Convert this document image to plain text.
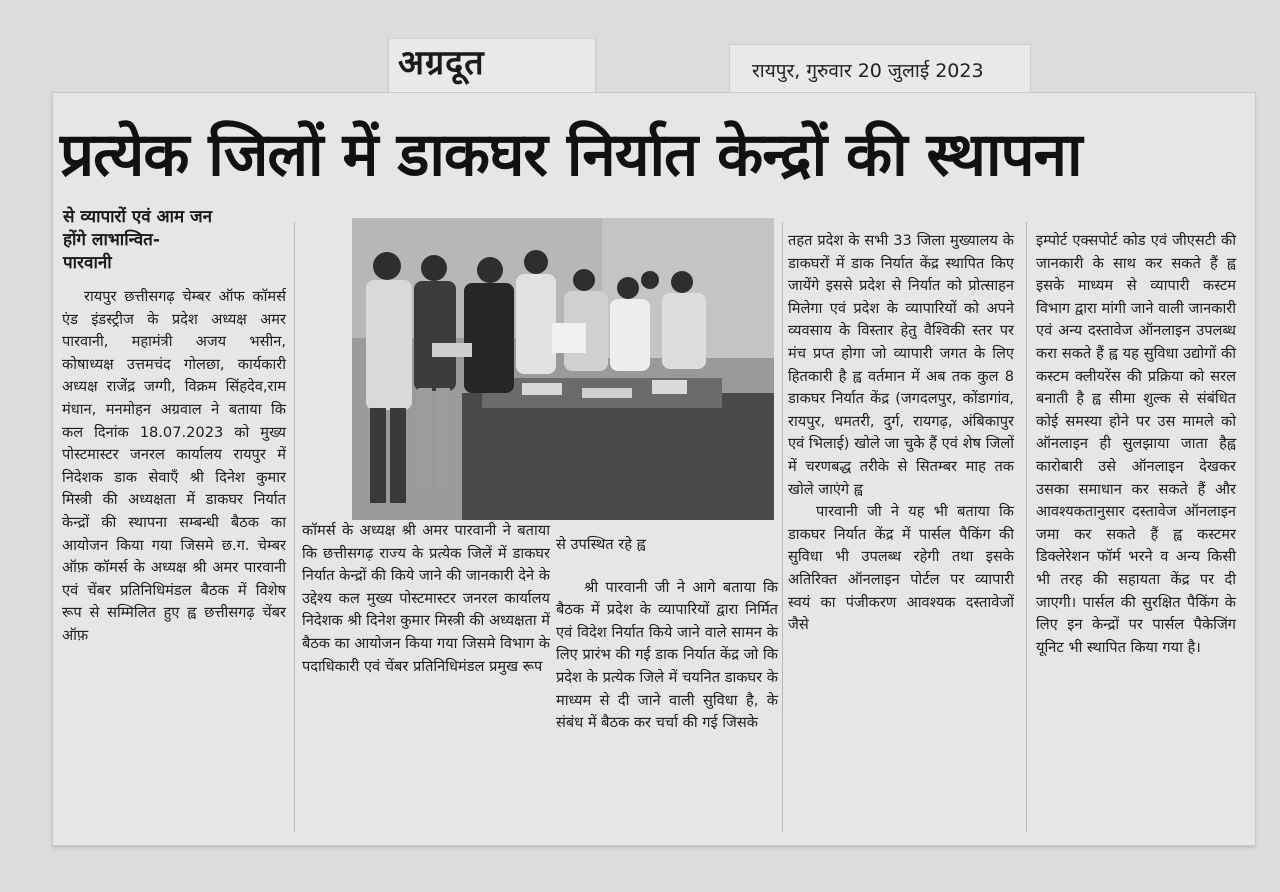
अग्रदूत	रायपुर, गुरुवार 20 जुलाई 2023
प्रत्येक जिलों में डाकघर निर्यात केन्द्रों की स्थापना
से व्यापारों एवं आम जन
होंगे लाभान्वित-
पारवानी

रायपुर छत्तीसगढ़ चेम्बर ऑफ कॉमर्स एंड इंडस्ट्रीज के प्रदेश अध्यक्ष अमर पारवानी, महामंत्री अजय भसीन, कोषाध्यक्ष उत्तमचंद गोलछा, कार्यकारी अध्यक्ष राजेंद्र जग्गी, विक्रम सिंहदेव,राम मंधान, मनमोहन अग्रवाल ने बताया कि कल दिनांक 18.07.2023 को मुख्य पोस्टमास्टर जनरल कार्यालय रायपुर में निदेशक डाक सेवाएँ श्री दिनेश कुमार मिस्त्री की अध्यक्षता में डाकघर निर्यात केन्द्रों की स्थापना सम्बन्धी बैठक का आयोजन किया गया जिसमे छ.ग. चेम्बर ऑफ़ कॉमर्स के अध्यक्ष श्री अमर पारवानी एवं चेंबर प्रतिनिधिमंडल बैठक में विशेष रूप से सम्मिलित हुए ह्व छत्तीसगढ़ चेंबर ऑफ़

कॉमर्स के अध्यक्ष श्री अमर पारवानी ने बताया कि छत्तीसगढ़ राज्य के प्रत्येक जिलें में डाकघर निर्यात केन्द्रों की किये जाने की जानकारी देने के उद्देश्य कल मुख्य पोस्टमास्टर जनरल कार्यालय निदेशक श्री दिनेश कुमार मिस्त्री की अध्यक्षता में बैठक का आयोजन किया गया जिसमे विभाग के पदाधिकारी एवं चेंबर प्रतिनिधिमंडल प्रमुख रूप

से उपस्थित रहे ह्व

श्री पारवानी जी ने आगे बताया कि बैठक में प्रदेश के व्यापारियों द्वारा निर्मित एवं विदेश निर्यात किये जाने वाले सामन के लिए प्रारंभ की गई डाक निर्यात केंद्र जो कि प्रदेश के प्रत्येक जिले में चयनित डाकघर के माध्यम से दी जाने वाली सुविधा है, के संबंध में बैठक कर चर्चा की गई जिसके

तहत प्रदेश के सभी 33 जिला मुख्यालय के डाकघरों में डाक निर्यात केंद्र स्थापित किए जायेंगे इससे प्रदेश से निर्यात को प्रोत्साहन मिलेगा एवं प्रदेश के व्यापारियों को अपने व्यवसाय के विस्तार हेतु वैश्विकी स्तर पर मंच प्रप्त होगा जो व्यापारी जगत के लिए हितकारी है ह्व वर्तमान में अब तक कुल 8 डाकघर निर्यात केंद्र (जगदलपुर, कोंडागांव, रायपुर, धमतरी, दुर्ग, रायगढ़, अंबिकापुर एवं भिलाई) खोले जा चुके हैं एवं शेष जिलों में चरणबद्ध तरीके से सितम्बर माह तक खोले जाएंगे ह्व

पारवानी जी ने यह भी बताया कि डाकघर निर्यात केंद्र में पार्सल पैकिंग की सुविधा भी उपलब्ध रहेगी तथा इसके अतिरिक्त ऑनलाइन पोर्टल पर व्यापारी स्वयं का पंजीकरण आवश्यक दस्तावेजों जैसे

इम्पोर्ट एक्सपोर्ट कोड एवं जीएसटी की जानकारी के साथ कर सकते हैं ह्व इसके माध्यम से व्यापारी कस्टम विभाग द्वारा मांगी जाने वाली जानकारी एवं अन्य दस्तावेज ऑनलाइन उपलब्ध करा सकते हैं ह्व यह सुविधा उद्योगों की कस्टम क्लीयरेंस की प्रक्रिया को सरल बनाती है ह्व सीमा शुल्क से संबंधित कोई समस्या होने पर उस मामले को ऑनलाइन ही सुलझाया जाता हैह्व कारोबारी उसे ऑनलाइन देखकर उसका समाधान कर सकते हैं और आवश्यकतानुसार दस्तावेज ऑनलाइन जमा कर सकते हैं ह्व कस्टमर डिक्लेरेशन फॉर्म भरने व अन्य किसी भी तरह की सहायता केंद्र पर दी जाएगी। पार्सल की सुरक्षित पैकिंग के लिए इन केन्द्रों पर पार्सल पैकेजिंग यूनिट भी स्थापित किया गया है।
